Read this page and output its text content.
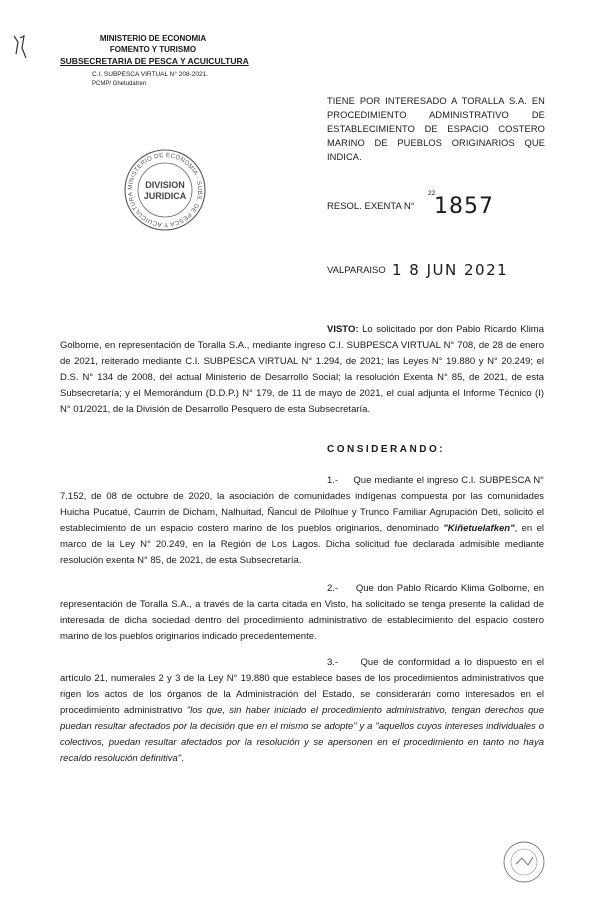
MINISTERIO DE ECONOMIA
FOMENTO Y TURISMO
SUBSECRETARIA DE PESCA Y ACUICULTURA
C.I. SUBPESCA VIRTUAL N° 208-2021.
PCMP/ Ghetudatren
MINISTERIO DE ECONOMIA · SUBS. DE PESCA Y ACUICULTURA
DIVISION
JURIDICA
TIENE POR INTERESADO A TORALLA S.A. EN PROCEDIMIENTO ADMINISTRATIVO DE ESTABLECIMIENTO DE ESPACIO COSTERO MARINO DE PUEBLOS ORIGINARIOS QUE INDICA.
RESOL. EXENTA N°
22
1857
VALPARAISO 1 8 JUN 2021
VISTO: Lo solicitado por don Pablo Ricardo Klima Golborne, en representación de Toralla S.A., mediante ingreso C.I. SUBPESCA VIRTUAL N° 708, de 28 de enero de 2021, reiterado mediante C.I. SUBPESCA VIRTUAL N° 1.294, de 2021; las Leyes N° 19.880 y N° 20.249; el D.S. N° 134 de 2008, del actual Ministerio de Desarrollo Social; la resolución Exenta N° 85, de 2021, de esta Subsecretaría; y el Memorándum (D.D.P.) N° 179, de 11 de mayo de 2021, el cual adjunta el Informe Técnico (I) N° 01/2021, de la División de Desarrollo Pesquero de esta Subsecretaría.
CONSIDERANDO:
1.- Que mediante el ingreso C.I. SUBPESCA N° 7.152, de 08 de octubre de 2020, la asociación de comunidades indígenas compuesta por las comunidades Huicha Pucatué, Caurrin de Dicham, Nalhuitad, Ñancul de Pilolhue y Trunco Familiar Agrupación Deti, solicitó el establecimiento de un espacio costero marino de los pueblos originarios, denominado "Kiñetuelafken", en el marco de la Ley N° 20.249, en la Región de Los Lagos. Dicha solicitud fue declarada admisible mediante resolución exenta N° 85, de 2021, de esta Subsecretaría.
2.- Que don Pablo Ricardo Klima Golborne, en representación de Toralla S.A., a través de la carta citada en Visto, ha solicitado se tenga presente la calidad de interesada de dicha sociedad dentro del procedimiento administrativo de establecimiento del espacio costero marino de los pueblos originarios indicado precedentemente.
3.- Que de conformidad a lo dispuesto en el artículo 21, numerales 2 y 3 de la Ley N° 19.880 que establece bases de los procedimientos administrativos que rigen los actos de los órganos de la Administración del Estado, se considerarán como interesados en el procedimiento administrativo "los que, sin haber iniciado el procedimiento administrativo, tengan derechos que puedan resultar afectados por la decisión que en el mismo se adopte" y a "aquellos cuyos intereses individuales o colectivos, puedan resultar afectados por la resolución y se apersonen en el procedimiento en tanto no haya recaído resolución definitiva".
